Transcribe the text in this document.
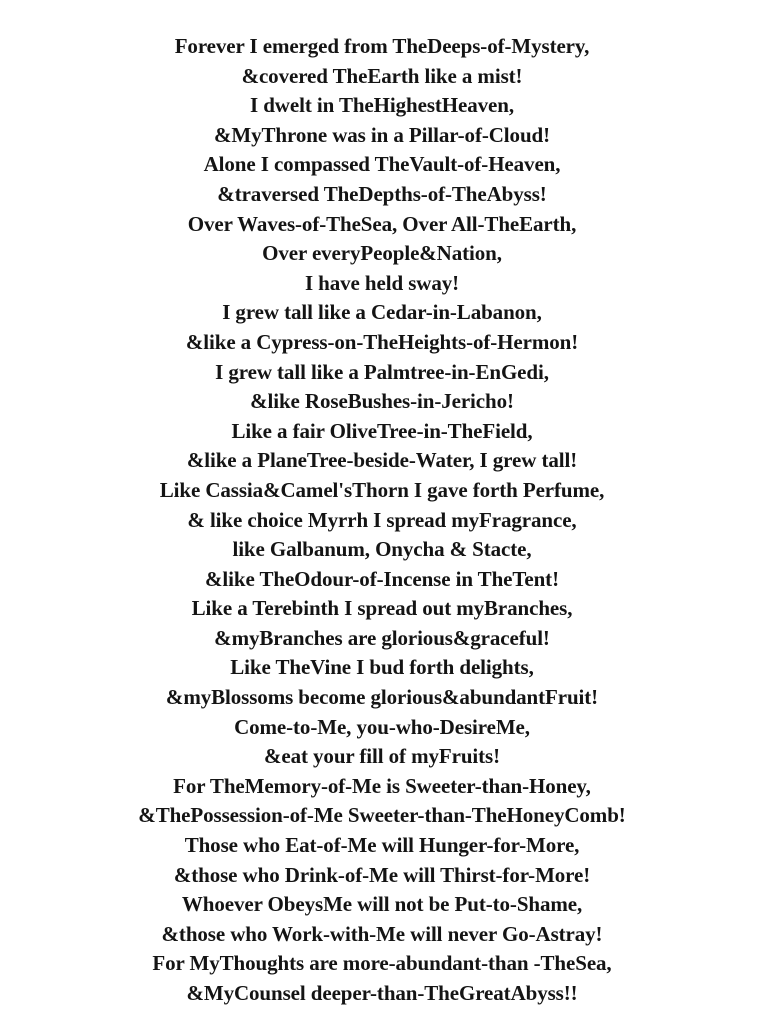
Forever I emerged from TheDeeps-of-Mystery,
&covered TheEarth like a mist!
I dwelt in TheHighestHeaven,
&MyThrone was in a Pillar-of-Cloud!
Alone I compassed TheVault-of-Heaven,
&traversed TheDepths-of-TheAbyss!
Over Waves-of-TheSea, Over All-TheEarth,
Over everyPeople&Nation,
I have held sway!
I grew tall like a Cedar-in-Labanon,
&like a Cypress-on-TheHeights-of-Hermon!
I grew tall like a Palmtree-in-EnGedi,
&like RoseBushes-in-Jericho!
Like a fair OliveTree-in-TheField,
&like a PlaneTree-beside-Water, I grew tall!
Like Cassia&Camel'sThorn I gave forth Perfume,
& like choice Myrrh I spread myFragrance,
like Galbanum, Onycha & Stacte,
&like TheOdour-of-Incense in TheTent!
Like a Terebinth I spread out myBranches,
&myBranches are glorious&graceful!
Like TheVine I bud forth delights,
&myBlossoms become glorious&abundantFruit!
Come-to-Me, you-who-DesireMe,
&eat your fill of myFruits!
For TheMemory-of-Me is Sweeter-than-Honey,
&ThePossession-of-Me Sweeter-than-TheHoneyComb!
Those who Eat-of-Me will Hunger-for-More,
&those who Drink-of-Me will Thirst-for-More!
Whoever ObeysMe will not be Put-to-Shame,
&those who Work-with-Me will never Go-Astray!
For MyThoughts are more-abundant-than -TheSea,
&MyCounsel deeper-than-TheGreatAbyss!!
